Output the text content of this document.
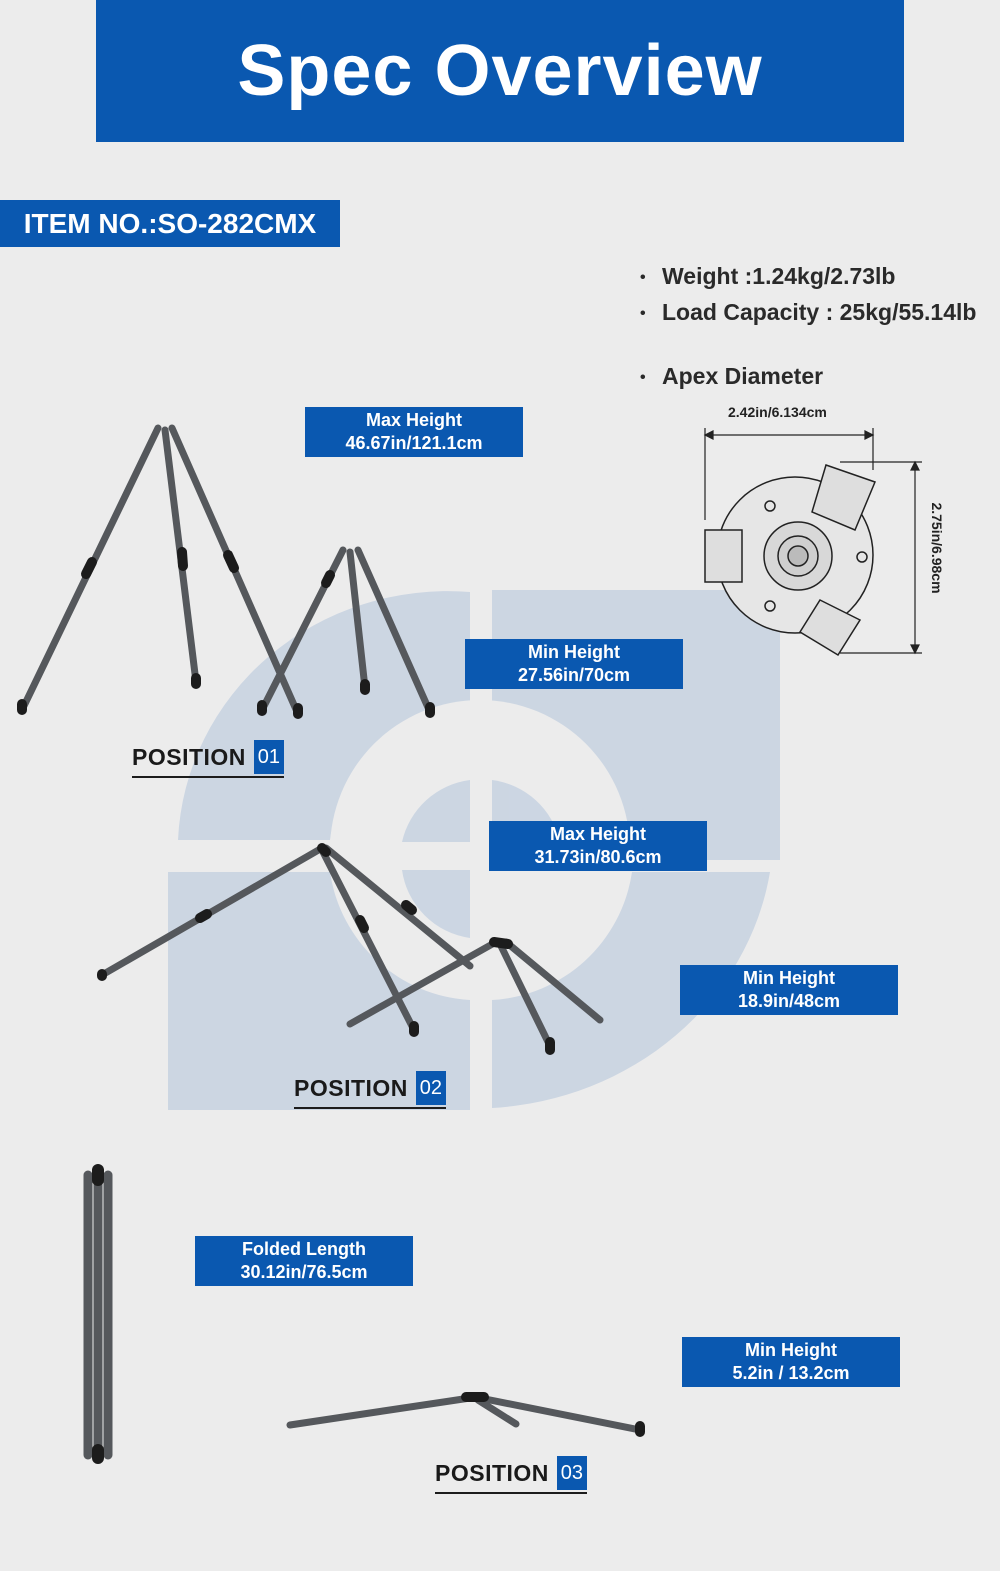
Spec Overview
ITEM NO.:SO-282CMX
• Weight :1.24kg/2.73lb
• Load Capacity : 25kg/55.14lb
• Apex Diameter
2.42in/6.134cm
2.75in/6.98cm
Max Height
46.67in/121.1cm
Min Height
27.56in/70cm
POSITION 01
Max Height
31.73in/80.6cm
Min Height
18.9in/48cm
POSITION 02
Folded Length
30.12in/76.5cm
Min Height
5.2in / 13.2cm
POSITION 03
